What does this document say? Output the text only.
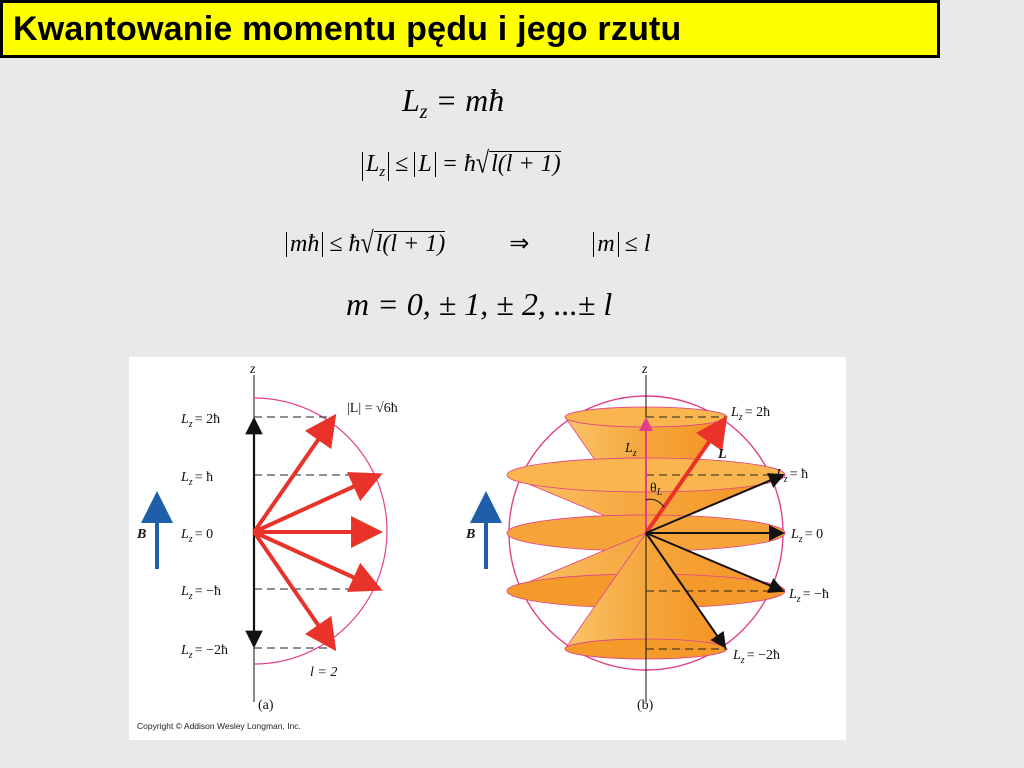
Kwantowanie momentu pędu i jego rzutu
$L_z$ = mħ
$L_z \le L$ = ħ√l(l + 1)
mħ ≤ ħ√l(l + 1)	⇒	m ≤ l
m = 0, ± 1, ± 2, ...± l
z
|L| = √6ħ
$L_z$ = 2ħ
$L_z$ = ħ
$L_z = 0$
$L_z$ = −ħ
$L_z$ = −2ħ
B
l = 2
(a)
z
$L_z$	L
$\theta_L$
$L_z$ = 2ħ
$L_z$ = ħ
$L_z = 0$
$L_z$ = −ħ
$L_z$ = −2ħ
B
(b)
Copyright © Addison Wesley Longman, Inc.
